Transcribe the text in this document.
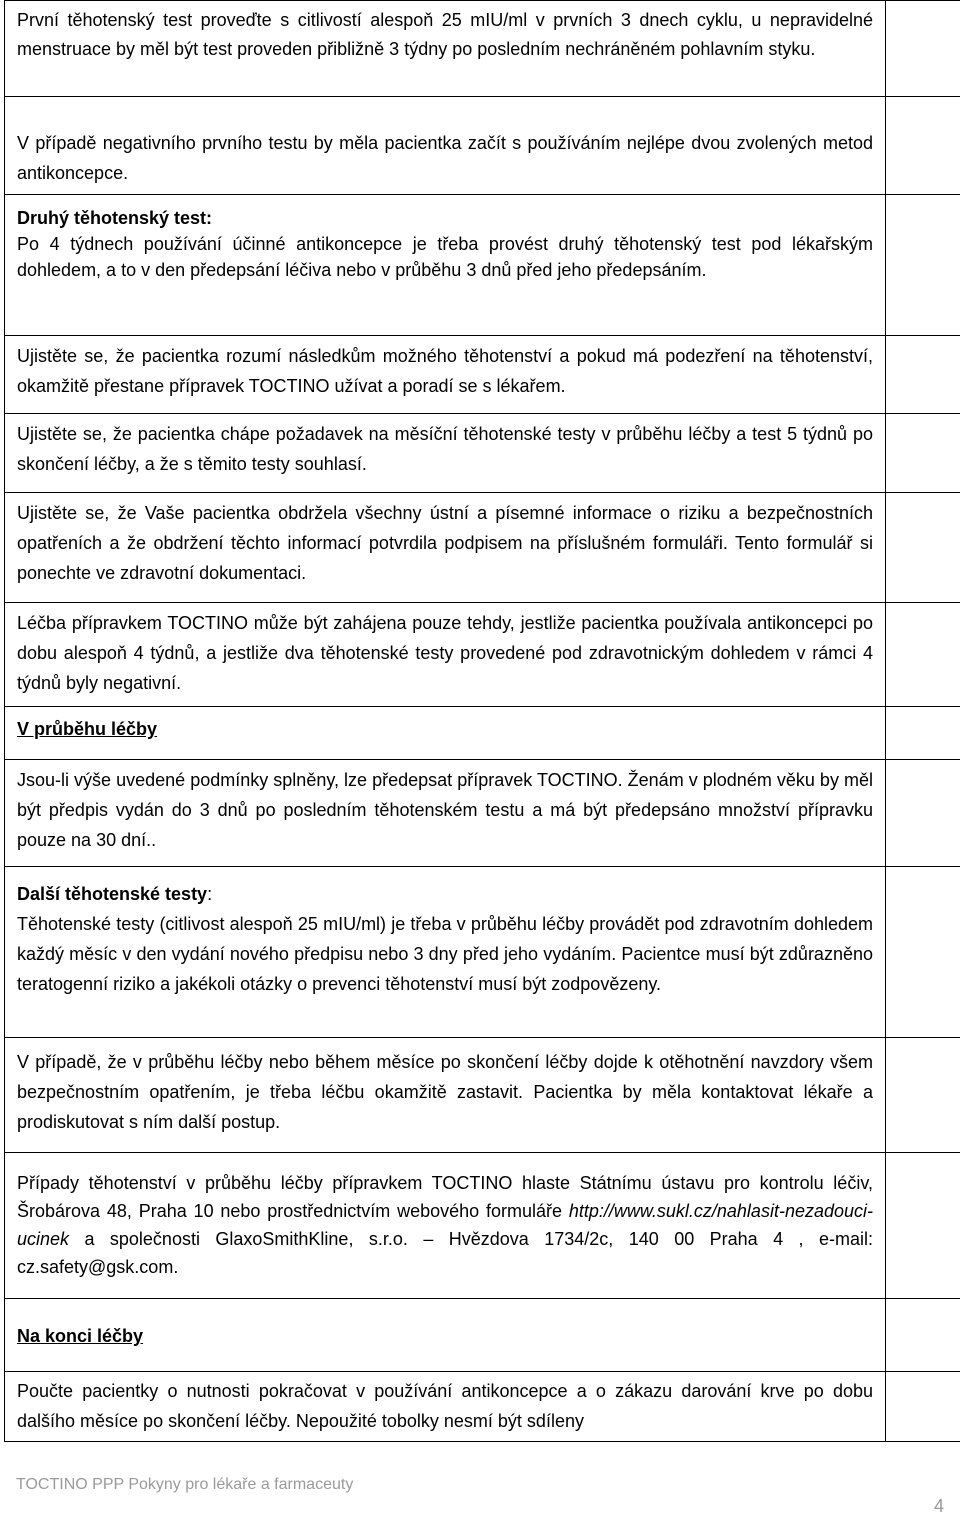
První těhotenský test proveďte s citlivostí alespoň 25 mIU/ml v prvních 3 dnech cyklu, u nepravidelné menstruace by měl být test proveden přibližně 3 týdny po posledním nechráněném pohlavním styku.	

V případě negativního prvního testu by měla pacientka začít s používáním nejlépe dvou zvolených metod antikoncepce.	

Druhý těhotenský test:

Po 4 týdnech používání účinné antikoncepce je třeba provést druhý těhotenský test pod lékařským dohledem, a to v den předepsání léčiva nebo v průběhu 3 dnů před jeho předepsáním.	

Ujistěte se, že pacientka rozumí následkům možného těhotenství a pokud má podezření na těhotenství, okamžitě přestane přípravek TOCTINO užívat a poradí se s lékařem.	

Ujistěte se, že pacientka chápe požadavek na měsíční těhotenské testy v průběhu léčby a test 5 týdnů po skončení léčby, a že s těmito testy souhlasí.	

Ujistěte se, že Vaše pacientka obdržela všechny ústní a písemné informace o riziku a bezpečnostních opatřeních a že obdržení těchto informací potvrdila podpisem na příslušném formuláři. Tento formulář si ponechte ve zdravotní dokumentaci.	

Léčba přípravkem TOCTINO může být zahájena pouze tehdy, jestliže pacientka používala antikoncepci po dobu alespoň 4 týdnů, a jestliže dva těhotenské testy provedené pod zdravotnickým dohledem v rámci 4 týdnů byly negativní.	

V průběhu léčby	

Jsou-li výše uvedené podmínky splněny, lze předepsat přípravek TOCTINO. Ženám v plodném věku by měl být předpis vydán do 3 dnů po posledním těhotenském testu a má být předepsáno množství přípravku pouze na 30 dní..	

Další těhotenské testy:

Těhotenské testy (citlivost alespoň 25 mIU/ml) je třeba v průběhu léčby provádět pod zdravotním dohledem každý měsíc v den vydání nového předpisu nebo 3 dny před jeho vydáním. Pacientce musí být zdůrazněno teratogenní riziko a jakékoli otázky o prevenci těhotenství musí být zodpovězeny.	

V případě, že v průběhu léčby nebo během měsíce po skončení léčby dojde k otěhotnění navzdory všem bezpečnostním opatřením, je třeba léčbu okamžitě zastavit. Pacientka by měla kontaktovat lékaře a prodiskutovat s ním další postup.	

Případy těhotenství v průběhu léčby přípravkem TOCTINO hlaste Státnímu ústavu pro kontrolu léčiv, Šrobárova 48, Praha 10 nebo prostřednictvím webového formuláře http://www.sukl.cz/nahlasit-nezadouci-ucinek a společnosti GlaxoSmithKline, s.r.o. – Hvězdova 1734/2c, 140 00 Praha 4 , e-mail: cz.safety@gsk.com.	

Na konci léčby	

Poučte pacientky o nutnosti pokračovat v používání antikoncepce a o zákazu darování krve po dobu dalšího měsíce po skončení léčby. Nepoužité tobolky nesmí být sdíleny	

TOCTINO PPP Pokyny pro lékaře a farmaceuty
4
